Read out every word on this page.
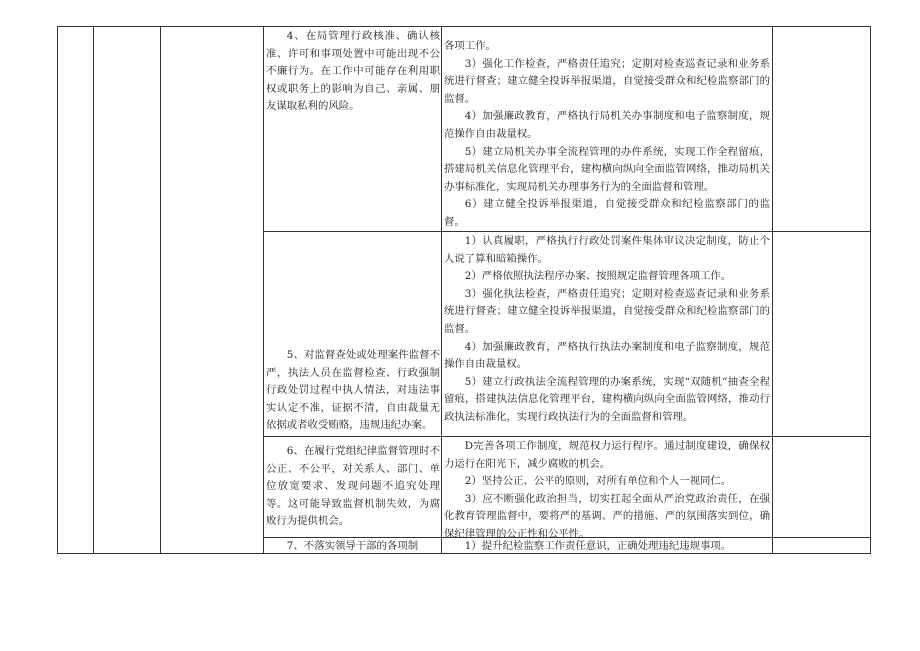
4、在局管理行政核准、确认核准、许可和事项处置中可能出现不公不廉行为。在工作中可能存在利用职权或职务上的影响为自己、亲属、朋友谋取私利的风险。

各项工作。

3）强化工作检查，严格责任追究；定期对检查巡查记录和业务系统进行督查；建立健全投诉举报渠道，自觉接受群众和纪检监察部门的监督。

4）加强廉政教育，严格执行局机关办事制度和电子监察制度，规范操作自由裁量权。

5）建立局机关办事全流程管理的办件系统，实现工作全程留痕，搭建局机关信息化管理平台，建构横向纵向全面监管网络，推动局机关办事标准化，实现局机关办理事务行为的全面监督和管理。

6）建立健全投诉举报渠道，自觉接受群众和纪检监察部门的监督。

5、对监督查处或处理案件监督不严，执法人员在监督检查、行政强制行政处罚过程中执人情法，对违法事实认定不准，证据不清，自由裁量无依据或者收受贿赂，违规违纪办案。

1）认真履职，严格执行行政处罚案件集体审议决定制度，防止个人说了算和暗箱操作。

2）严格依照执法程序办案、按照规定监督管理各项工作。

3）强化执法检查，严格责任追究；定期对检查巡查记录和业务系统进行督查；建立健全投诉举报渠道，自觉接受群众和纪检监察部门的监督。

4）加强廉政教育，严格执行执法办案制度和电子监察制度，规范操作自由裁量权。

5）建立行政执法全流程管理的办案系统，实现“双随机”抽查全程留痕，搭建执法信息化管理平台，建构横向纵向全面监管网络，推动行政执法标准化，实现行政执法行为的全面监督和管理。

6、在履行党组纪律监督管理时不公正、不公平，对关系人、部门、单位放宽要求、发现问题不追究处理等。这可能导致监督机制失效，为腐败行为提供机会。

D完善各项工作制度，规范权力运行程序。通过制度建设，确保权力运行在阳光下，减少腐败的机会。

2）坚持公正、公平的原则，对所有单位和个人一视同仁。

3）应不断强化政治担当，切实扛起全面从严治党政治责任，在强化教育管理监督中，要将严的基调、严的措施、严的氛围落实到位，确保纪律管理的公正性和公平性。

7、不落实领导干部的各项制	1）提升纪检监察工作责任意识，正确处理违纪违规事项。
